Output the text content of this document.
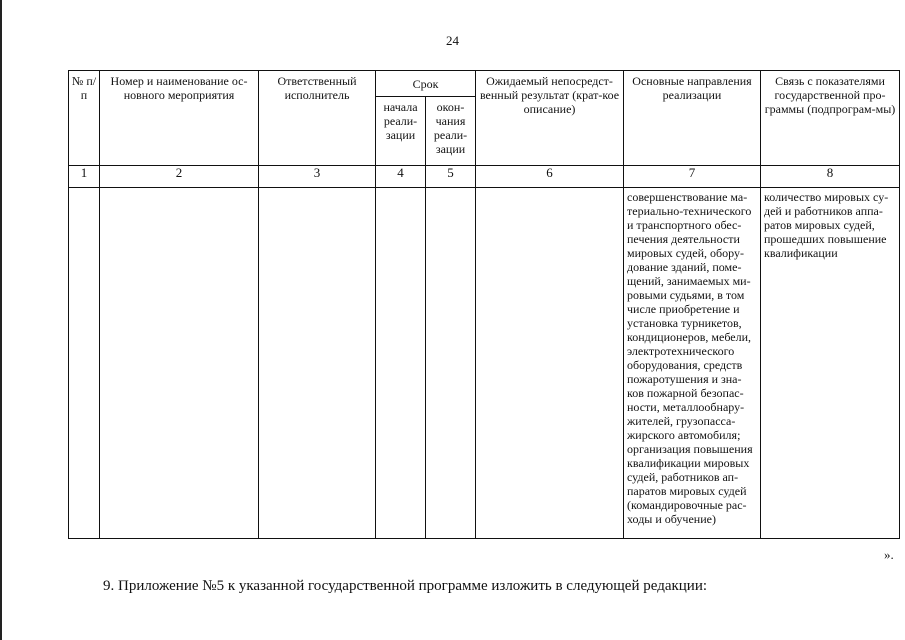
24
№ п/п	Номер и наименование ос-новного мероприятия	Ответственный исполнитель	Срок		Ожидаемый непосредст-венный результат (крат-кое описание)	Основные направления реализации	Связь с показателями государственной про-граммы (подпрограм-мы)
			начала реали-зации	окон-чания реали-зации			
1	2	3	4	5	6	7	8

						совершенствование ма-териально-технического и транспортного обес-печения деятельности мировых судей, обору-дование зданий, поме-щений, занимаемых ми-ровыми судьями, в том числе приобретение и установка турникетов, кондиционеров, мебели, электротехнического оборудования, средств пожаротушения и зна-ков пожарной безопас-ности, металлообнару-жителей, грузопасса-жирского автомобиля; организация повышения квалификации мировых судей, работников ап-паратов мировых судей (командировочные рас-ходы и обучение)	количество мировых су-дей и работников аппа-ратов мировых судей, прошедших повышение квалификации
».
9. Приложение №5 к указанной государственной программе изложить в следующей редакции:
